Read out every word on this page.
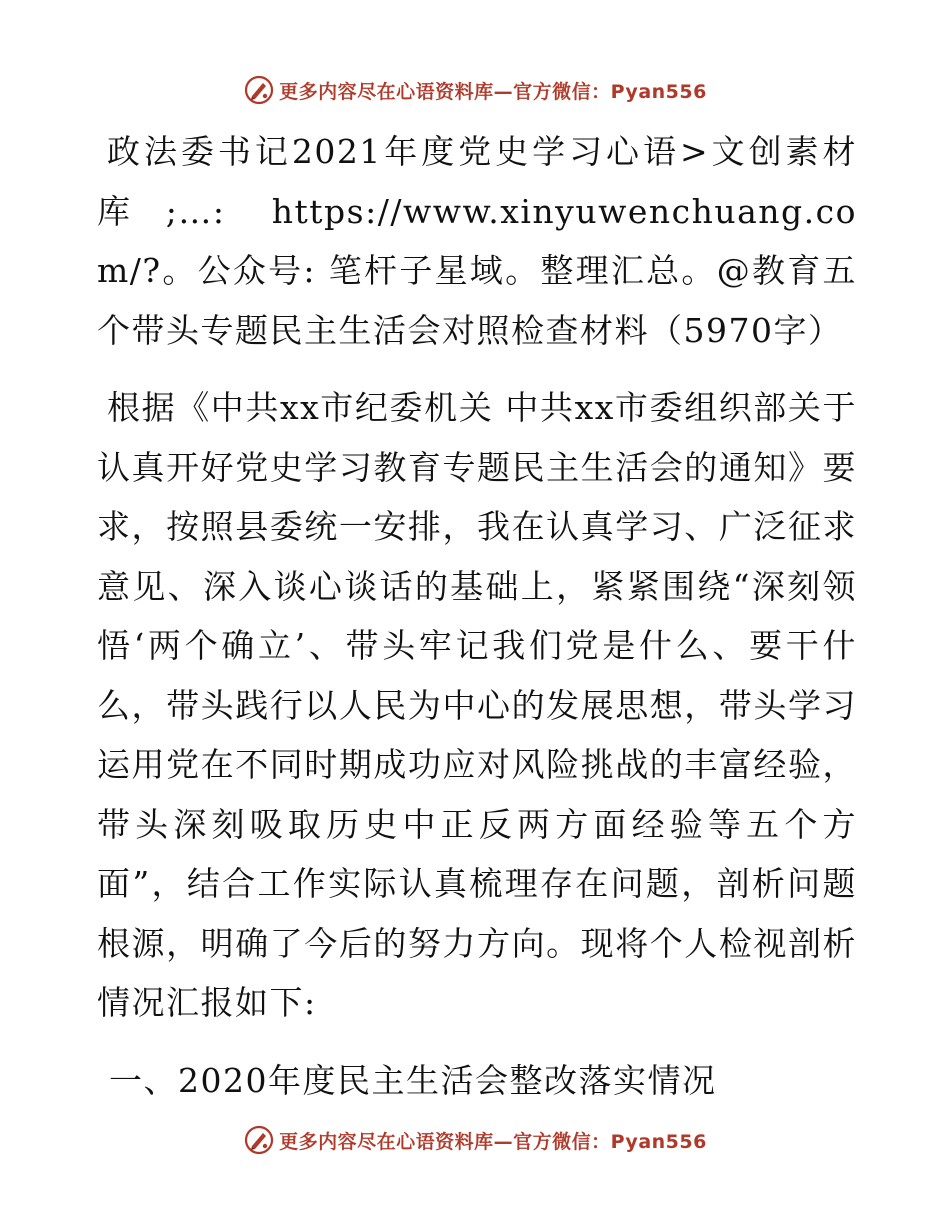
更多内容尽在心语资料库—官方微信：Pyan556

政法委书记2021年度党史学习心语>文创素材库;…: https://www.xinyuwenchuang.com/?。公众号: 笔杆子星域。整理汇总。@教育五个带头专题民主生活会对照检查材料（5970字）

根据《中共xx市纪委机关 中共xx市委组织部关于认真开好党史学习教育专题民主生活会的通知》要求，按照县委统一安排，我在认真学习、广泛征求意见、深入谈心谈话的基础上，紧紧围绕“深刻领悟‘两个确立’、带头牢记我们党是什么、要干什么，带头践行以人民为中心的发展思想，带头学习运用党在不同时期成功应对风险挑战的丰富经验，带头深刻吸取历史中正反两方面经验等五个方面”，结合工作实际认真梳理存在问题，剖析问题根源，明确了今后的努力方向。现将个人检视剖析情况汇报如下:

一、2020年度民主生活会整改落实情况

更多内容尽在心语资料库—官方微信：Pyan556
